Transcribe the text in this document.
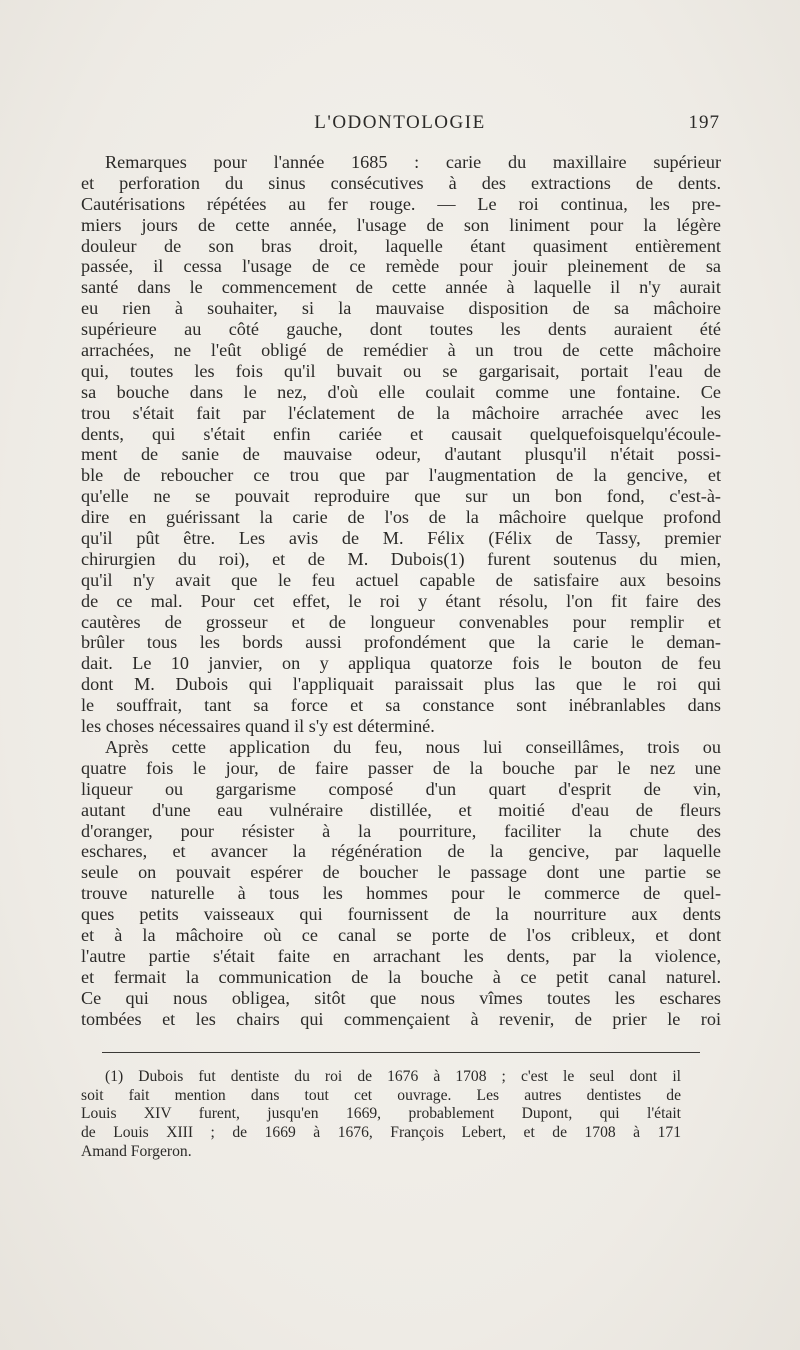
L'ODONTOLOGIE	197
Remarques pour l'année 1685 : carie du maxillaire supérieur
et perforation du sinus consécutives à des extractions de dents.
Cautérisations répétées au fer rouge. — Le roi continua, les pre-
miers jours de cette année, l'usage de son liniment pour la légère
douleur de son bras droit, laquelle étant quasiment entièrement
passée, il cessa l'usage de ce remède pour jouir pleinement de sa
santé dans le commencement de cette année à laquelle il n'y aurait
eu rien à souhaiter, si la mauvaise disposition de sa mâchoire
supérieure au côté gauche, dont toutes les dents auraient été
arrachées, ne l'eût obligé de remédier à un trou de cette mâchoire
qui, toutes les fois qu'il buvait ou se gargarisait, portait l'eau de
sa bouche dans le nez, d'où elle coulait comme une fontaine. Ce
trou s'était fait par l'éclatement de la mâchoire arrachée avec les
dents, qui s'était enfin cariée et causait quelquefoisquelqu'écoule-
ment de sanie de mauvaise odeur, d'autant plusqu'il n'était possi-
ble de reboucher ce trou que par l'augmentation de la gencive, et
qu'elle ne se pouvait reproduire que sur un bon fond, c'est-à-
dire en guérissant la carie de l'os de la mâchoire quelque profond
qu'il pût être. Les avis de M. Félix (Félix de Tassy, premier
chirurgien du roi), et de M. Dubois(1) furent soutenus du mien,
qu'il n'y avait que le feu actuel capable de satisfaire aux besoins
de ce mal. Pour cet effet, le roi y étant résolu, l'on fit faire des
cautères de grosseur et de longueur convenables pour remplir et
brûler tous les bords aussi profondément que la carie le deman-
dait. Le 10 janvier, on y appliqua quatorze fois le bouton de feu
dont M. Dubois qui l'appliquait paraissait plus las que le roi qui
le souffrait, tant sa force et sa constance sont inébranlables dans
les choses nécessaires quand il s'y est déterminé.
Après cette application du feu, nous lui conseillâmes, trois ou
quatre fois le jour, de faire passer de la bouche par le nez une
liqueur ou gargarisme composé d'un quart d'esprit de vin,
autant d'une eau vulnéraire distillée, et moitié d'eau de fleurs
d'oranger, pour résister à la pourriture, faciliter la chute des
eschares, et avancer la régénération de la gencive, par laquelle
seule on pouvait espérer de boucher le passage dont une partie se
trouve naturelle à tous les hommes pour le commerce de quel-
ques petits vaisseaux qui fournissent de la nourriture aux dents
et à la mâchoire où ce canal se porte de l'os cribleux, et dont
l'autre partie s'était faite en arrachant les dents, par la violence,
et fermait la communication de la bouche à ce petit canal naturel.
Ce qui nous obligea, sitôt que nous vîmes toutes les eschares
tombées et les chairs qui commençaient à revenir, de prier le roi
(1) Dubois fut dentiste du roi de 1676 à 1708 ; c'est le seul dont il
soit fait mention dans tout cet ouvrage. Les autres dentistes de
Louis XIV furent, jusqu'en 1669, probablement Dupont, qui l'était
de Louis XIII ; de 1669 à 1676, François Lebert, et de 1708 à 171
Amand Forgeron.
